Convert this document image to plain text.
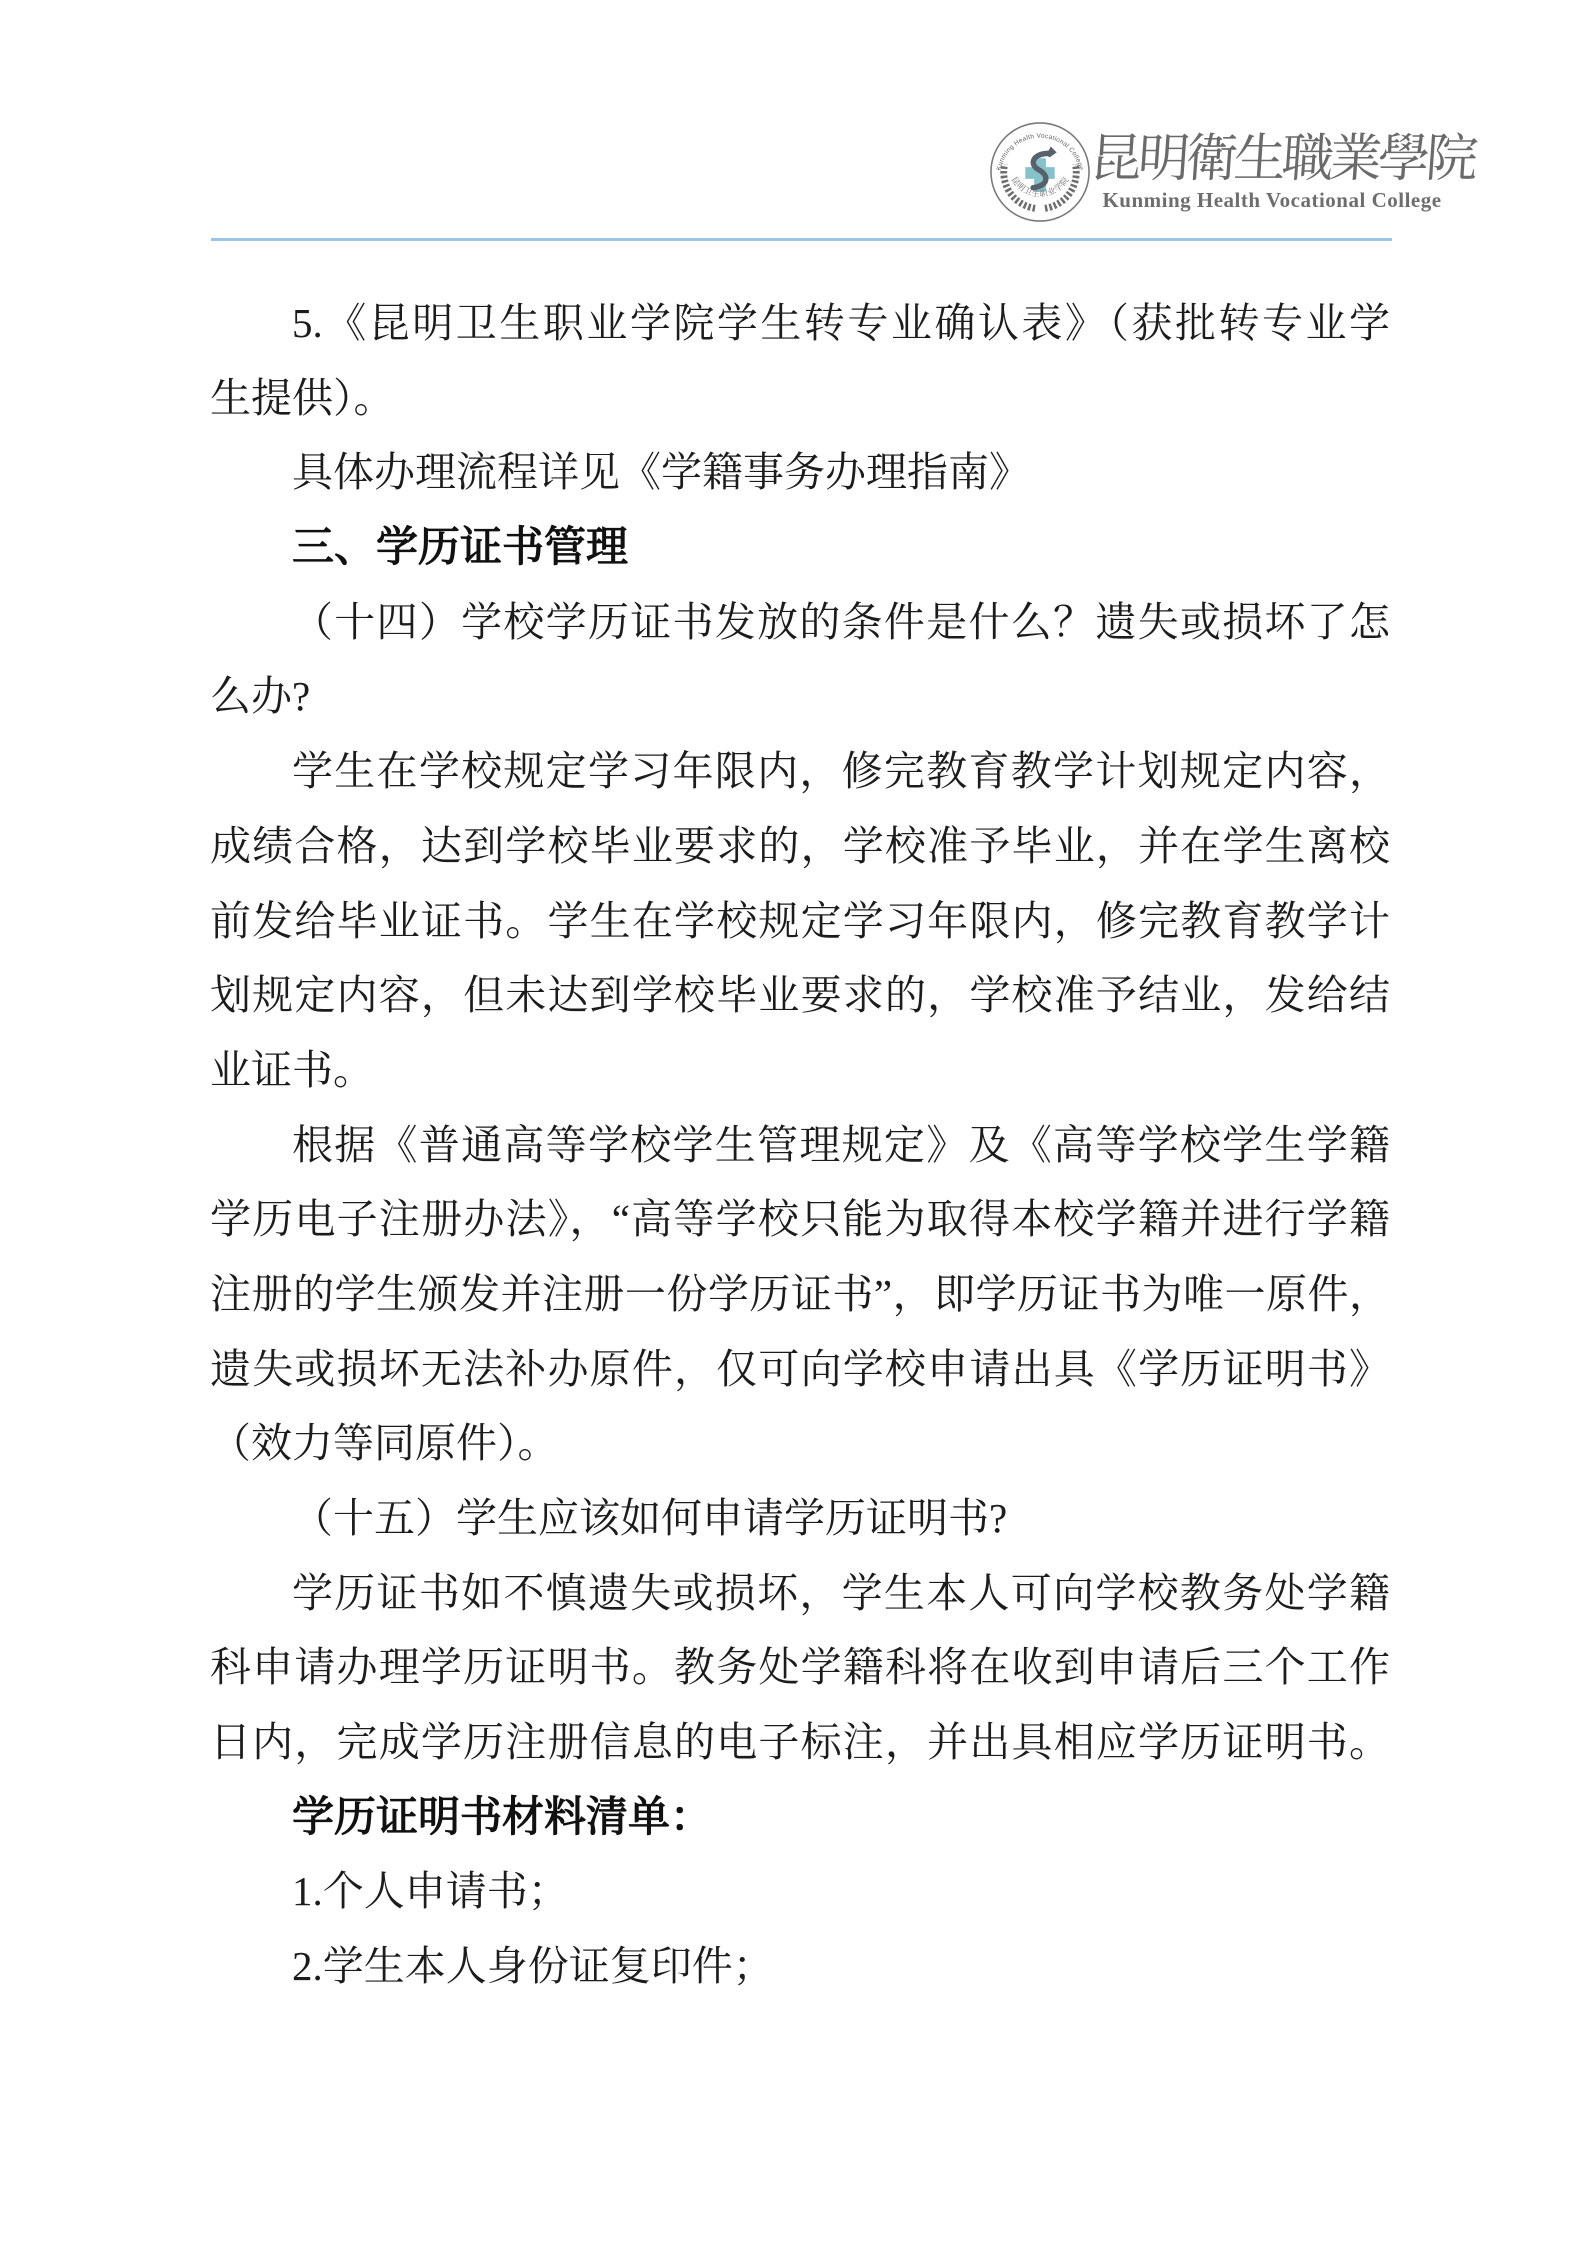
Kunming Health Vocational College
昆明卫生职业学院 昆明衛生職業學院
Kunming Health Vocational College
5.《昆明卫生职业学院学生转专业确认表》（获批转专业学
生提供）。
具体办理流程详见《学籍事务办理指南》
三、学历证书管理
（十四）学校学历证书发放的条件是什么？遗失或损坏了怎
么办?
学生在学校规定学习年限内，修完教育教学计划规定内容，
成绩合格，达到学校毕业要求的，学校准予毕业，并在学生离校
前发给毕业证书。学生在学校规定学习年限内，修完教育教学计
划规定内容，但未达到学校毕业要求的，学校准予结业，发给结
业证书。
根据《普通高等学校学生管理规定》及《高等学校学生学籍
学历电子注册办法》，“高等学校只能为取得本校学籍并进行学籍
注册的学生颁发并注册一份学历证书”，即学历证书为唯一原件，
遗失或损坏无法补办原件，仅可向学校申请出具《学历证明书》
（效力等同原件）。
（十五）学生应该如何申请学历证明书?
学历证书如不慎遗失或损坏，学生本人可向学校教务处学籍
科申请办理学历证明书。教务处学籍科将在收到申请后三个工作
日内，完成学历注册信息的电子标注，并出具相应学历证明书。
学历证明书材料清单：
1.个人申请书；
2.学生本人身份证复印件；
